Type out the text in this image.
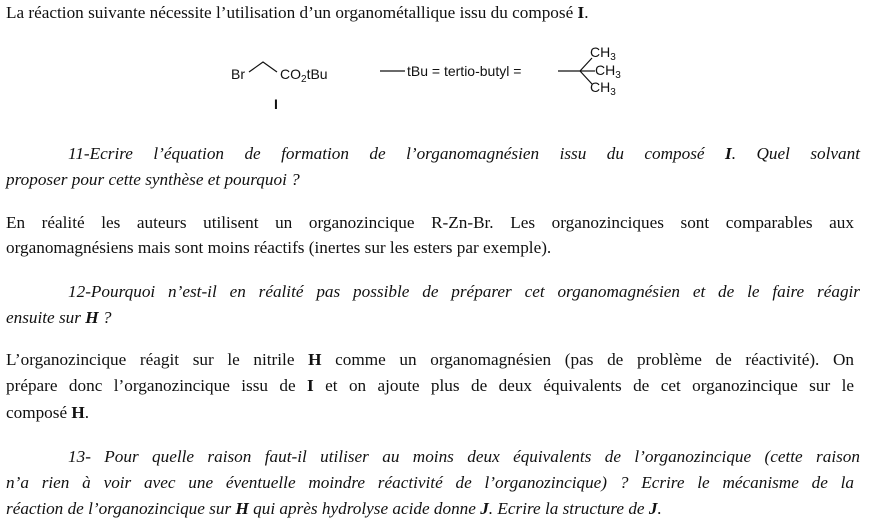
La réaction suivante nécessite l’utilisation d’un organométallique issu du composé I.
Br	$CO_2tBu$
I
tBu = tertio-butyl =
$CH_3$
$CH_3$
$CH_3$
11-Ecrire l’équation de formation de l’organomagnésien issu du composé I. Quel solvant
proposer pour cette synthèse et pourquoi ?
En réalité les auteurs utilisent un organozincique R-Zn-Br. Les organozinciques sont comparables aux
organomagnésiens mais sont moins réactifs (inertes sur les esters par exemple).
12-Pourquoi n’est-il en réalité pas possible de préparer cet organomagnésien et de le faire réagir
ensuite sur H ?
L’organozincique réagit sur le nitrile H comme un organomagnésien (pas de problème de réactivité). On
prépare donc l’organozincique issu de I et on ajoute plus de deux équivalents de cet organozincique sur le
composé H.
13- Pour quelle raison faut-il utiliser au moins deux équivalents de l’organozincique (cette raison
n’a rien à voir avec une éventuelle moindre réactivité de l’organozincique) ? Ecrire le mécanisme de la
réaction de l’organozincique sur H qui après hydrolyse acide donne J. Ecrire la structure de J.
